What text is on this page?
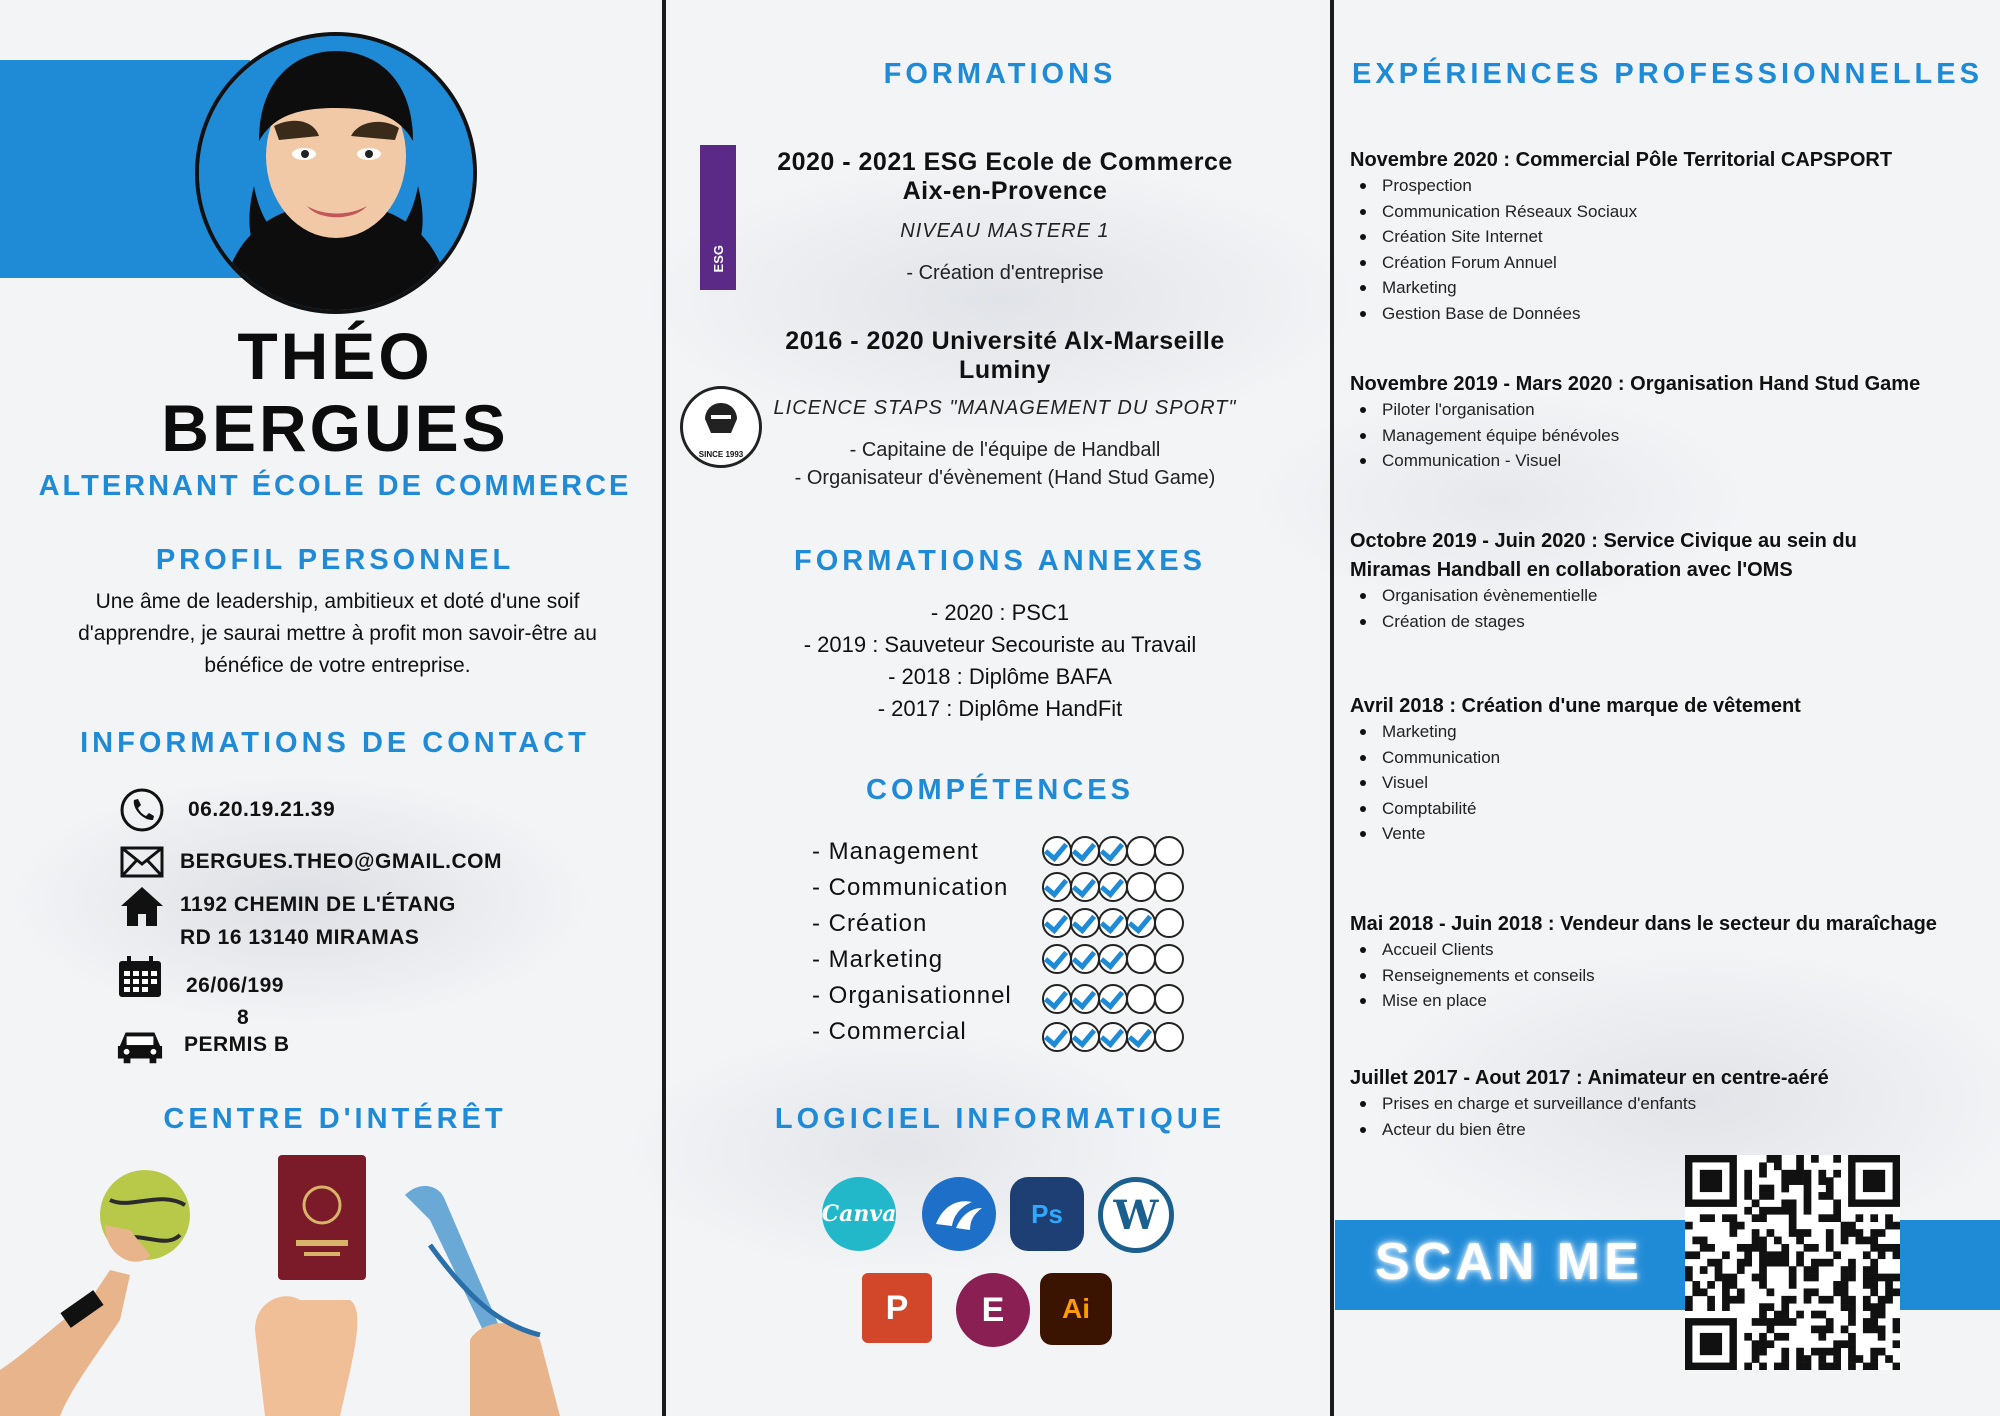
THÉO
BERGUES
ALTERNANT ÉCOLE DE COMMERCE
PROFIL PERSONNEL
Une âme de leadership, ambitieux et doté d'une soif d'apprendre, je saurai mettre à profit mon savoir-être au bénéfice de votre entreprise.
INFORMATIONS DE CONTACT
06.20.19.21.39
BERGUES.THEO@GMAIL.COM
1192 CHEMIN DE L'ÉTANG
RD 16 13140 MIRAMAS
26/06/199
8
PERMIS B
CENTRE D'INTÉRÊT
FORMATIONS
ESG
2020 - 2021 ESG Ecole de Commerce
Aix-en-Provence
NIVEAU MASTERE 1
- Création d'entreprise
SINCE 1993
2016 - 2020 Université AIx-Marseille
Luminy
LICENCE STAPS "MANAGEMENT DU SPORT"
- Capitaine de l'équipe de Handball
- Organisateur d'évènement (Hand Stud Game)
FORMATIONS ANNEXES
- 2020 : PSC1
- 2019 : Sauveteur Secouriste au Travail
- 2018 : Diplôme BAFA
- 2017 : Diplôme HandFit
COMPÉTENCES
- Management
- Communication
- Création
- Marketing
- Organisationnel
- Commercial
LOGICIEL INFORMATIQUE
Canva	Ps W
P E Ai
EXPÉRIENCES PROFESSIONNELLES
Novembre 2020 : Commercial Pôle Territorial CAPSPORT
Prospection
Communication Réseaux Sociaux
Création Site Internet
Création Forum Annuel
Marketing
Gestion Base de Données
Novembre 2019 - Mars 2020 : Organisation Hand Stud Game
Piloter l'organisation
Management équipe bénévoles
Communication - Visuel
Octobre 2019 - Juin 2020 : Service Civique au sein du
Miramas Handball en collaboration avec l'OMS
Organisation évènementielle
Création de stages
Avril 2018 : Création d'une marque de vêtement
Marketing
Communication
Visuel
Comptabilité
Vente
Mai 2018 - Juin 2018 : Vendeur dans le secteur du maraîchage
Accueil Clients
Renseignements et conseils
Mise en place
Juillet 2017 - Aout 2017 : Animateur en centre-aéré
Prises en charge et surveillance d'enfants
Acteur du bien être
SCAN ME
